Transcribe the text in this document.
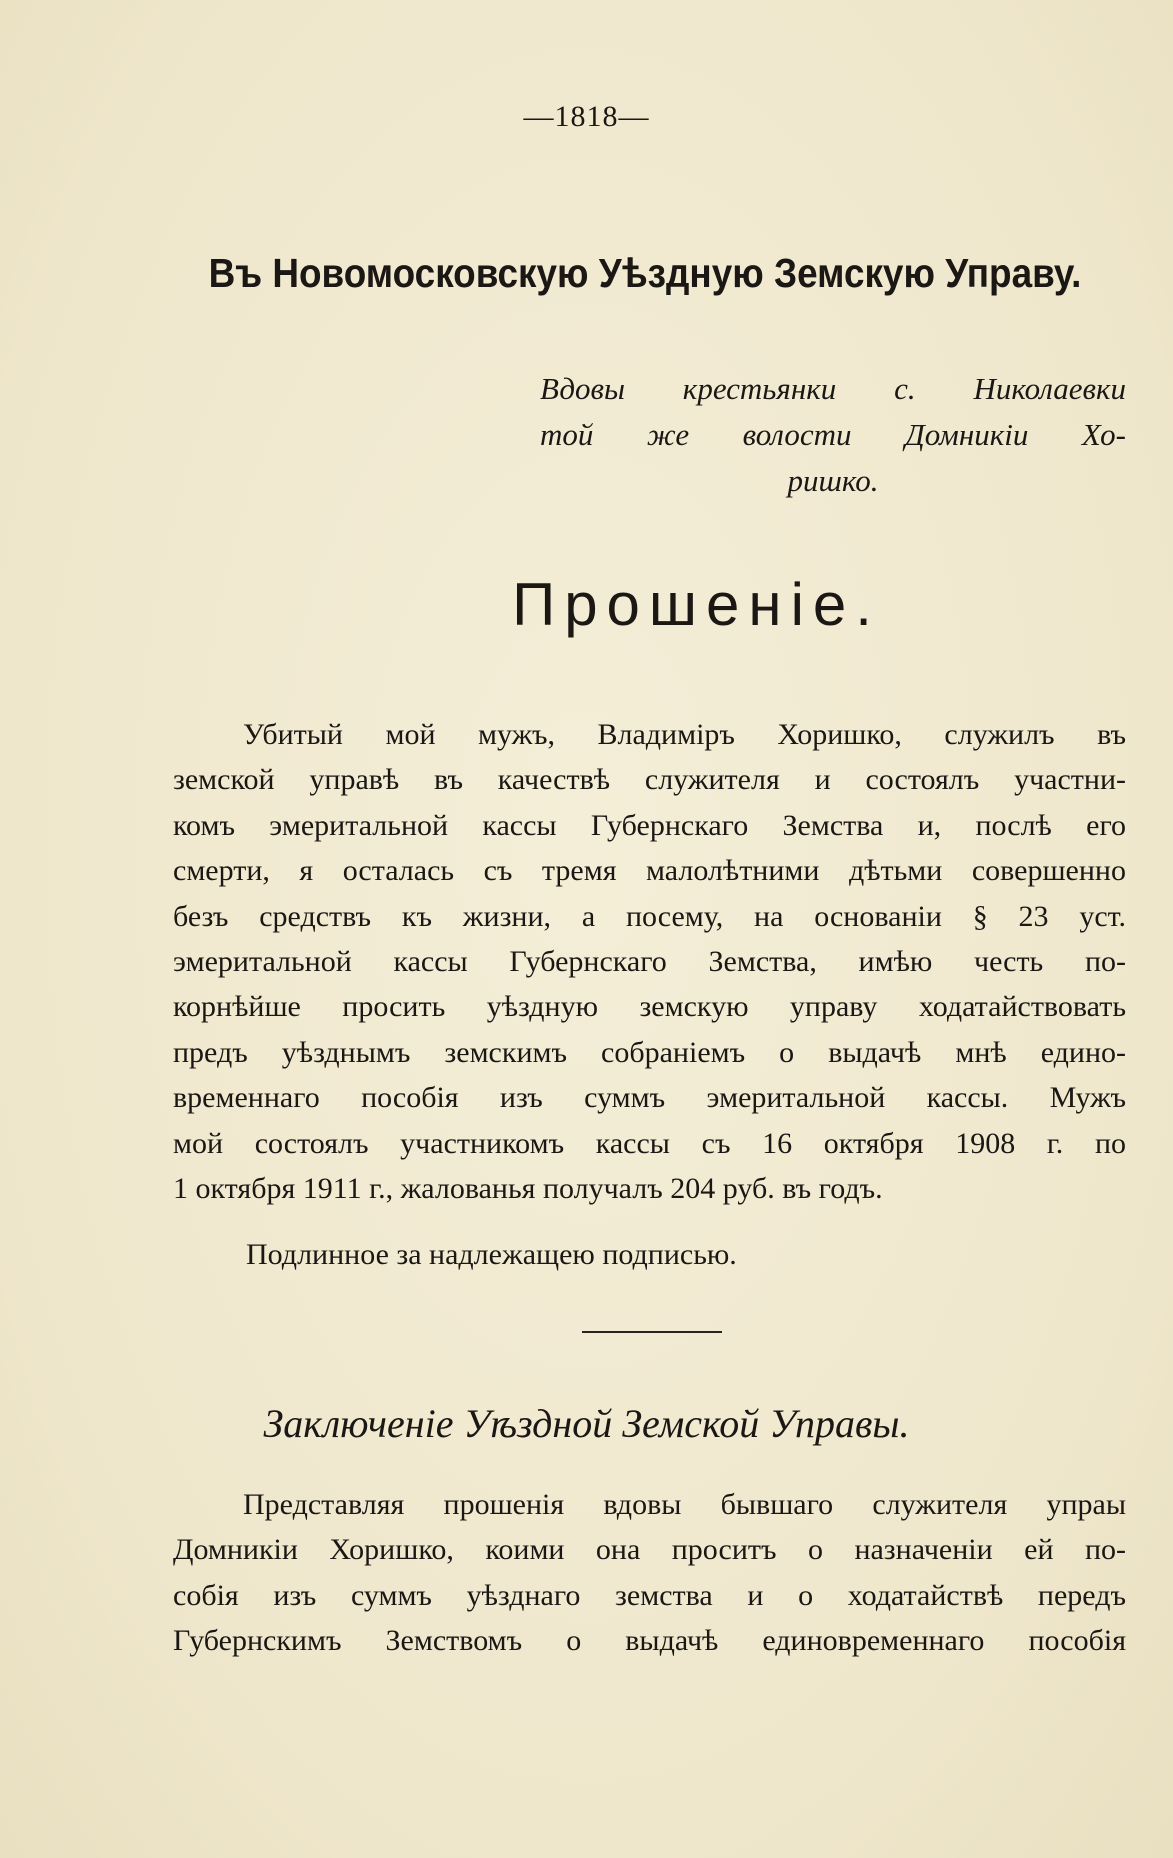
—1818—
Въ Новомосковскую Уѣздную Земскую Управу.
Вдовы крестьянки с. Николаевки
той же волости Домникіи Хо-
ришко.
Прошеніе.
Убитый мой мужъ, Владиміръ Хоришко, служилъ въ
земской управѣ въ качествѣ служителя и состоялъ участни-
комъ эмеритальной кассы Губернскаго Земства и, послѣ его
смерти, я осталась съ тремя малолѣтними дѣтьми совершенно
безъ средствъ къ жизни, а посему, на основаніи § 23 уст.
эмеритальной кассы Губернскаго Земства, имѣю честь по-
корнѣйше просить уѣздную земскую управу ходатайствовать
предъ уѣзднымъ земскимъ собраніемъ о выдачѣ мнѣ едино-
временнаго пособія изъ суммъ эмеритальной кассы. Мужъ
мой состоялъ участникомъ кассы съ 16 октября 1908 г. по
1 октября 1911 г., жалованья получалъ 204 руб. въ годъ.

Подлинное за надлежащею подписью.

Заключеніе Уѣздной Земской Управы.
Представляя прошенія вдовы бывшаго служителя упраы
Домникіи Хоришко, коими она проситъ о назначеніи ей по-
собія изъ суммъ уѣзднаго земства и о ходатайствѣ передъ
Губернскимъ Земствомъ о выдачѣ единовременнаго пособія
